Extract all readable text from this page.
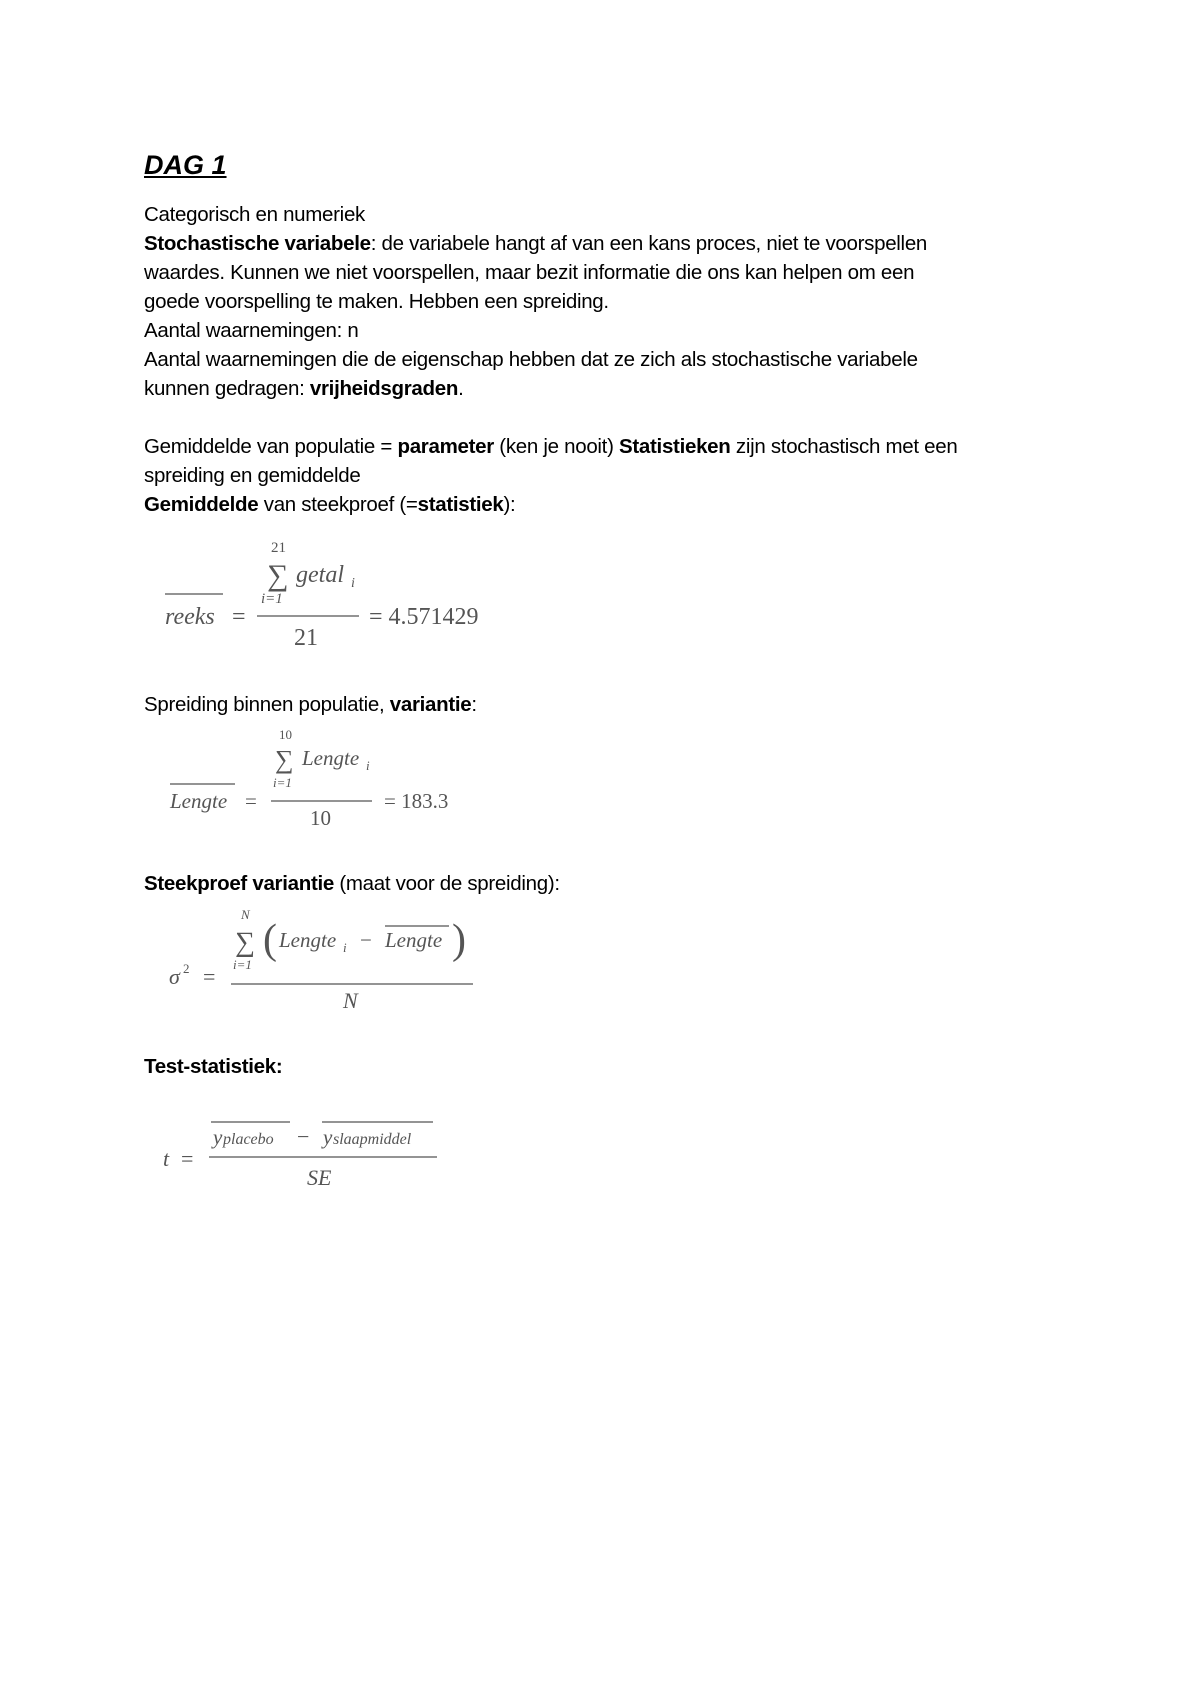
DAG 1

Categorisch en numeriek

Stochastische variabele: de variabele hangt af van een kans proces, niet te voorspellen

waardes. Kunnen we niet voorspellen, maar bezit informatie die ons kan helpen om een

goede voorspelling te maken. Hebben een spreiding.

Aantal waarnemingen: n

Aantal waarnemingen die de eigenschap hebben dat ze zich als stochastische variabele

kunnen gedragen: vrijheidsgraden.

Gemiddelde van populatie = parameter (ken je nooit) Statistieken zijn stochastisch met een

spreiding en gemiddelde

Gemiddelde van steekproef (=statistiek):

reeks =
21
∑
i=1
getal i
21
= 4.571429

Spreiding binnen populatie, variantie:

Lengte =
10
∑
i=1
Lengte i
10
= 183.3

Steekproef variantie (maat voor de spreiding):

σ 2 =
N
∑
i=1
( Lengte i − Lengte )
N

Test-statistiek:

t =
y placebo − y slaapmiddel
SE
